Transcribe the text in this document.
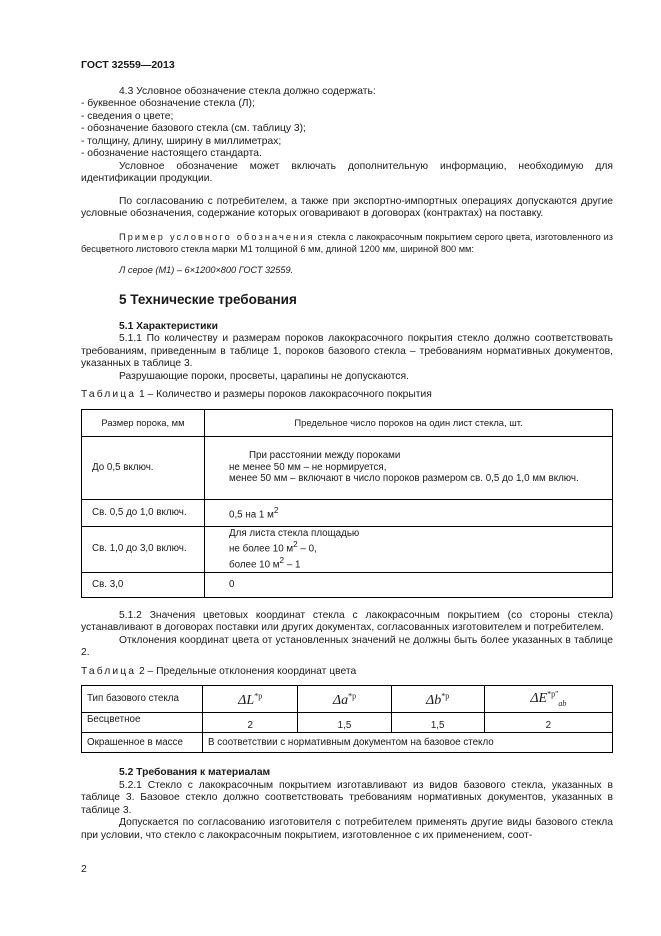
ГОСТ 32559—2013

4.3 Условное обозначение стекла должно содержать:

- буквенное обозначение стекла (Л);
- сведения о цвете;
- обозначение базового стекла (см. таблицу 3);
- толщину, длину, ширину в миллиметрах;
- обозначение настоящего стандарта.

Условное обозначение может включать дополнительную информацию, необходимую для идентификации продукции.

По согласованию с потребителем, а также при экспортно-импортных операциях допускаются другие условные обозначения, содержание которых оговаривают в договорах (контрактах) на поставку.

Пример условного обозначения стекла с лакокрасочным покрытием серого цвета, изготовленного из бесцветного листового стекла марки М1 толщиной 6 мм, длиной 1200 мм, шириной 800 мм:

Л серое (М1) – 6×1200×800 ГОСТ 32559.

5 Технические требования
5.1 Характеристики

5.1.1 По количеству и размерам пороков лакокрасочного покрытия стекло должно соответствовать требованиям, приведенным в таблице 1, пороков базового стекла – требованиям нормативных документов, указанных в таблице 3.

Разрушающие пороки, просветы, царапины не допускаются.

Таблица 1 – Количество и размеры пороков лакокрасочного покрытия

Размер порока, мм	Предельное число пороков на один лист стекла, шт.
До 0,5 включ.	При расстоянии между пороками
не менее 50 мм – не нормируется,
менее 50 мм – включают в число пороков размером св. 0,5 до 1,0 мм включ.

Св. 0,5 до 1,0 включ.	0,5 на 1 $м^2$
Св. 1,0 до 3,0 включ.	Для листа стекла площадью
не более 10 $м^2 - 0$,
более 10 $м^2 - 1$

Св. 3,0	0

5.1.2 Значения цветовых координат стекла с лакокрасочным покрытием (со стороны стекла) устанавливают в договорах поставки или других документах, согласованных изготовителем и потребителем.

Отклонения координат цвета от установленных значений не должны быть более указанных в таблице 2.

Таблица 2 – Предельные отклонения координат цвета

Тип базового стекла	$\Delta L^{*р}$	$\Delta a^{*р}$	$\Delta b^{*р}$	$\Delta E^{*р"}_{ab}$
Бесцветное	2	1,5	1,5	2
Окрашенное в массе	В соответствии с нормативным документом на базовое стекло			
5.2 Требования к материалам

5.2.1 Стекло с лакокрасочным покрытием изготавливают из видов базового стекла, указанных в таблице 3. Базовое стекло должно соответствовать требованиям нормативных документов, указанных в таблице 3.

Допускается по согласованию изготовителя с потребителем применять другие виды базового стекла при условии, что стекло с лакокрасочным покрытием, изготовленное с их применением, соот-

2
